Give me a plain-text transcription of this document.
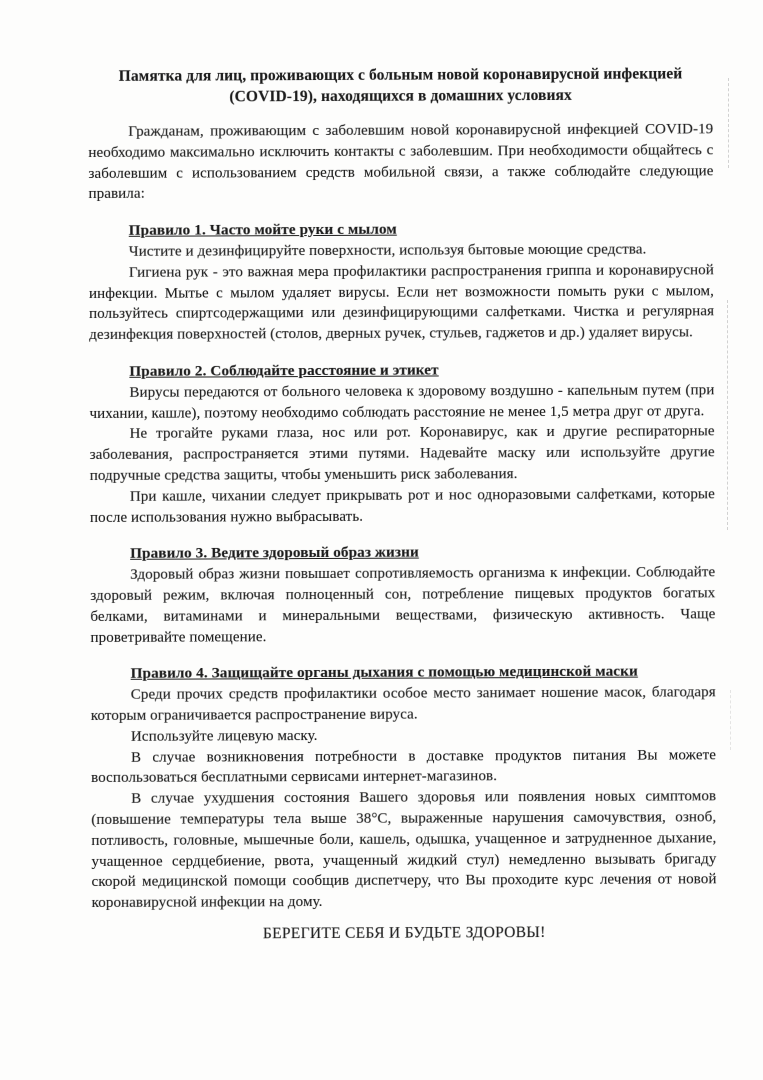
Памятка для лиц, проживающих с больным новой коронавирусной инфекцией
(COVID-19), находящихся в домашних условиях

Гражданам, проживающим с заболевшим новой коронавирусной инфекцией COVID-19 необходимо максимально исключить контакты с заболевшим. При необходимости общайтесь с заболевшим с использованием средств мобильной связи, а также соблюдайте следующие правила:

Правило 1. Часто мойте руки с мылом

Чистите и дезинфицируйте поверхности, используя бытовые моющие средства.

Гигиена рук - это важная мера профилактики распространения гриппа и коронавирусной инфекции. Мытье с мылом удаляет вирусы. Если нет возможности помыть руки с мылом, пользуйтесь спиртсодержащими или дезинфицирующими салфетками. Чистка и регулярная дезинфекция поверхностей (столов, дверных ручек, стульев, гаджетов и др.) удаляет вирусы.

Правило 2. Соблюдайте расстояние и этикет

Вирусы передаются от больного человека к здоровому воздушно - капельным путем (при чихании, кашле), поэтому необходимо соблюдать расстояние не менее 1,5 метра друг от друга.

Не трогайте руками глаза, нос или рот. Коронавирус, как и другие респираторные заболевания, распространяется этими путями. Надевайте маску или используйте другие подручные средства защиты, чтобы уменьшить риск заболевания.

При кашле, чихании следует прикрывать рот и нос одноразовыми салфетками, которые после использования нужно выбрасывать.

Правило 3. Ведите здоровый образ жизни

Здоровый образ жизни повышает сопротивляемость организма к инфекции. Соблюдайте здоровый режим, включая полноценный сон, потребление пищевых продуктов богатых белками, витаминами и минеральными веществами, физическую активность. Чаще проветривайте помещение.

Правило 4. Защищайте органы дыхания с помощью медицинской маски

Среди прочих средств профилактики особое место занимает ношение масок, благодаря которым ограничивается распространение вируса.

Используйте лицевую маску.

В случае возникновения потребности в доставке продуктов питания Вы можете воспользоваться бесплатными сервисами интернет-магазинов.

В случае ухудшения состояния Вашего здоровья или появления новых симптомов (повышение температуры тела выше 38°С, выраженные нарушения самочувствия, озноб, потливость, головные, мышечные боли, кашель, одышка, учащенное и затрудненное дыхание, учащенное сердцебиение, рвота, учащенный жидкий стул) немедленно вызывать бригаду скорой медицинской помощи сообщив диспетчеру, что Вы проходите курс лечения от новой коронавирусной инфекции на дому.

БЕРЕГИТЕ СЕБЯ И БУДЬТЕ ЗДОРОВЫ!
